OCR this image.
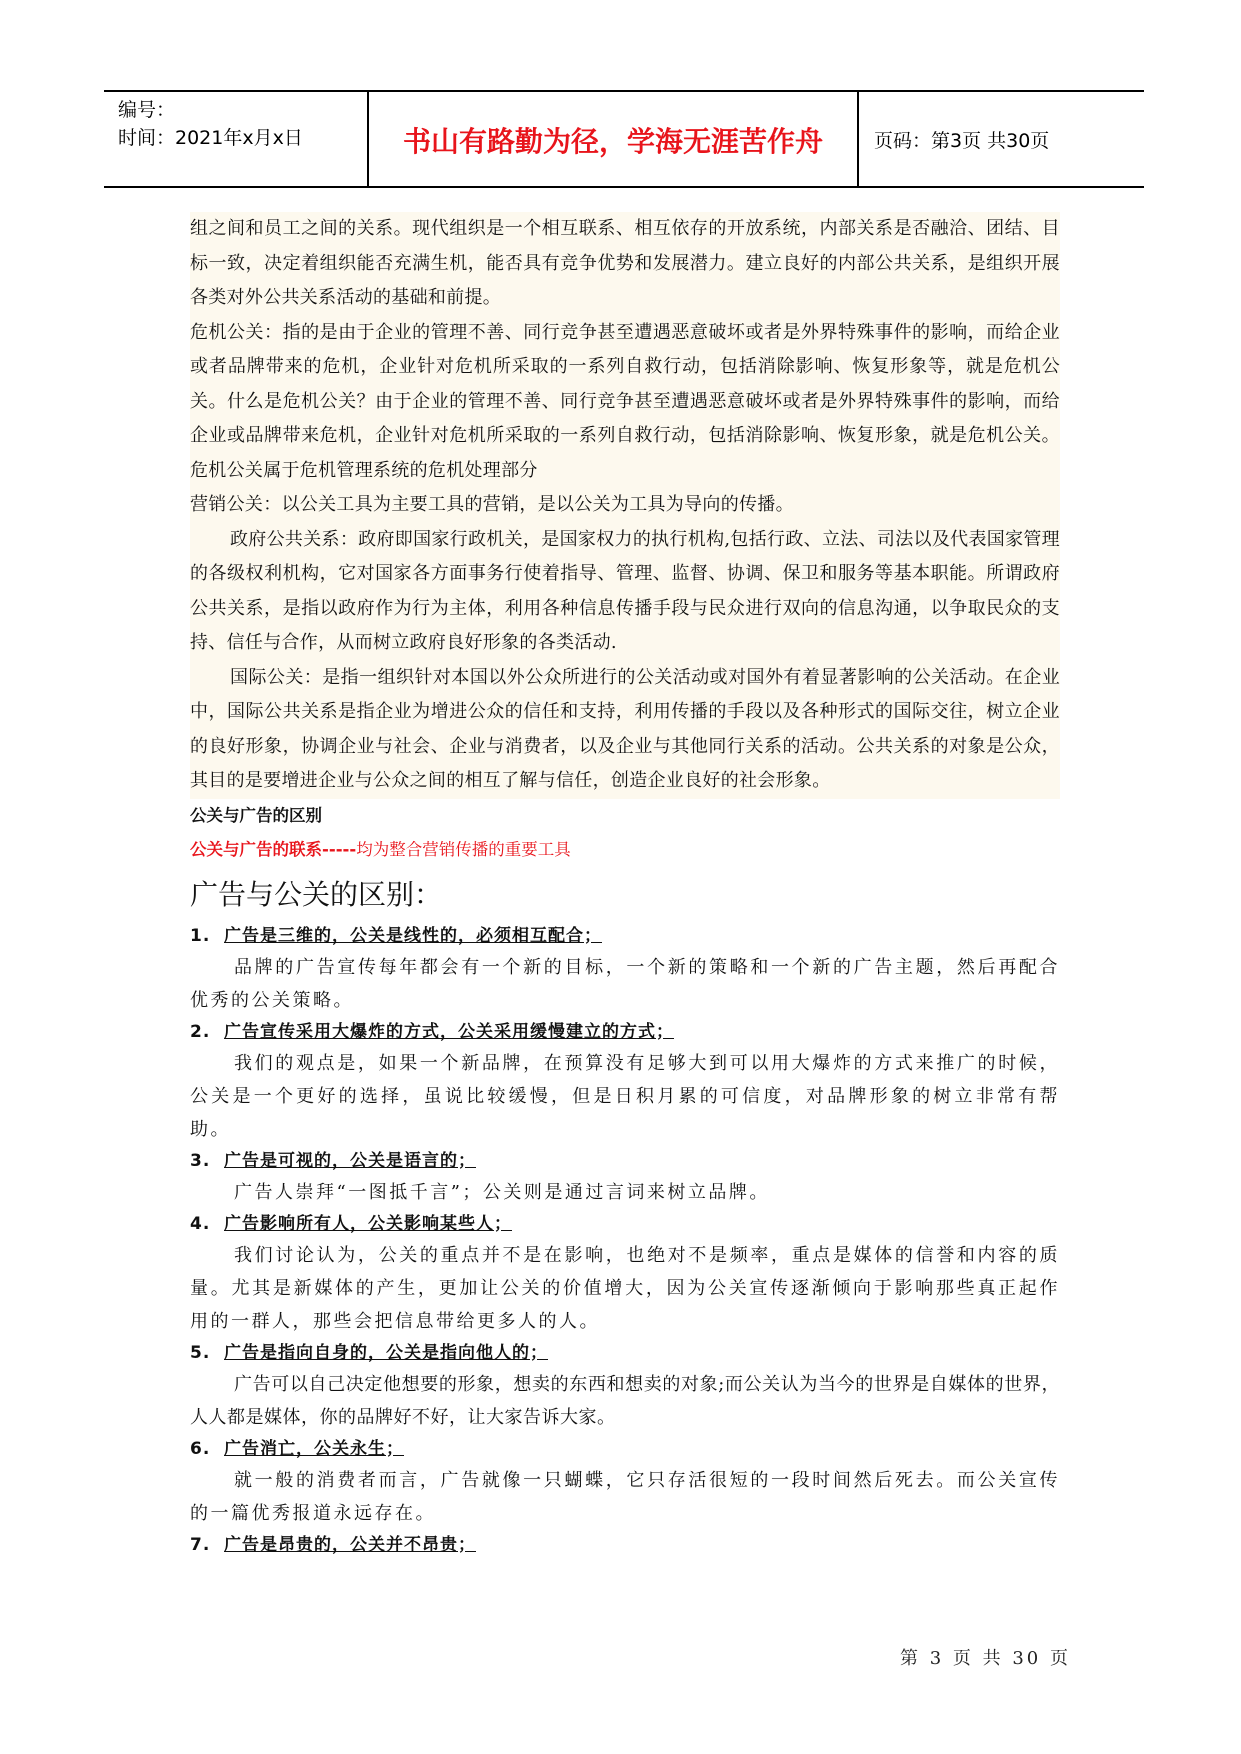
编号：
时间：2021年x月x日	书山有路勤为径，学海无涯苦作舟	页码：第3页 共30页

组之间和员工之间的关系。现代组织是一个相互联系、相互依存的开放系统，内部关系是否融洽、团结、目标一致，决定着组织能否充满生机，能否具有竞争优势和发展潜力。建立良好的内部公共关系，是组织开展各类对外公共关系活动的基础和前提。

危机公关：指的是由于企业的管理不善、同行竞争甚至遭遇恶意破坏或者是外界特殊事件的影响，而给企业或者品牌带来的危机，企业针对危机所采取的一系列自救行动，包括消除影响、恢复形象等，就是危机公关。什么是危机公关？由于企业的管理不善、同行竞争甚至遭遇恶意破坏或者是外界特殊事件的影响，而给企业或品牌带来危机，企业针对危机所采取的一系列自救行动，包括消除影响、恢复形象，就是危机公关。危机公关属于危机管理系统的危机处理部分

营销公关：以公关工具为主要工具的营销，是以公关为工具为导向的传播。

政府公共关系：政府即国家行政机关，是国家权力的执行机构,包括行政、立法、司法以及代表国家管理的各级权利机构，它对国家各方面事务行使着指导、管理、监督、协调、保卫和服务等基本职能。所谓政府公共关系，是指以政府作为行为主体，利用各种信息传播手段与民众进行双向的信息沟通，以争取民众的支持、信任与合作，从而树立政府良好形象的各类活动.

国际公关：是指一组织针对本国以外公众所进行的公关活动或对国外有着显著影响的公关活动。在企业中，国际公共关系是指企业为增进公众的信任和支持，利用传播的手段以及各种形式的国际交往，树立企业的良好形象，协调企业与社会、企业与消费者，以及企业与其他同行关系的活动。公共关系的对象是公众，其目的是要增进企业与公众之间的相互了解与信任，创造企业良好的社会形象。

公关与广告的区别

公关与广告的联系-----均为整合营销传播的重要工具

广告与公关的区别：

1. 广告是三维的，公关是线性的，必须相互配合；

品牌的广告宣传每年都会有一个新的目标，一个新的策略和一个新的广告主题，然后再配合优秀的公关策略。

2. 广告宣传采用大爆炸的方式，公关采用缓慢建立的方式；

我们的观点是，如果一个新品牌，在预算没有足够大到可以用大爆炸的方式来推广的时候，公关是一个更好的选择，虽说比较缓慢，但是日积月累的可信度，对品牌形象的树立非常有帮助。

3. 广告是可视的，公关是语言的；

广告人崇拜“一图抵千言”；公关则是通过言词来树立品牌。

4. 广告影响所有人，公关影响某些人；

我们讨论认为，公关的重点并不是在影响，也绝对不是频率，重点是媒体的信誉和内容的质量。尤其是新媒体的产生，更加让公关的价值增大，因为公关宣传逐渐倾向于影响那些真正起作用的一群人，那些会把信息带给更多人的人。

5. 广告是指向自身的，公关是指向他人的；

广告可以自己决定他想要的形象，想卖的东西和想卖的对象;而公关认为当今的世界是自媒体的世界，人人都是媒体，你的品牌好不好，让大家告诉大家。

6. 广告消亡，公关永生；

就一般的消费者而言，广告就像一只蝴蝶，它只存活很短的一段时间然后死去。而公关宣传的一篇优秀报道永远存在。

7. 广告是昂贵的，公关并不昂贵；

第 3 页 共 30 页
